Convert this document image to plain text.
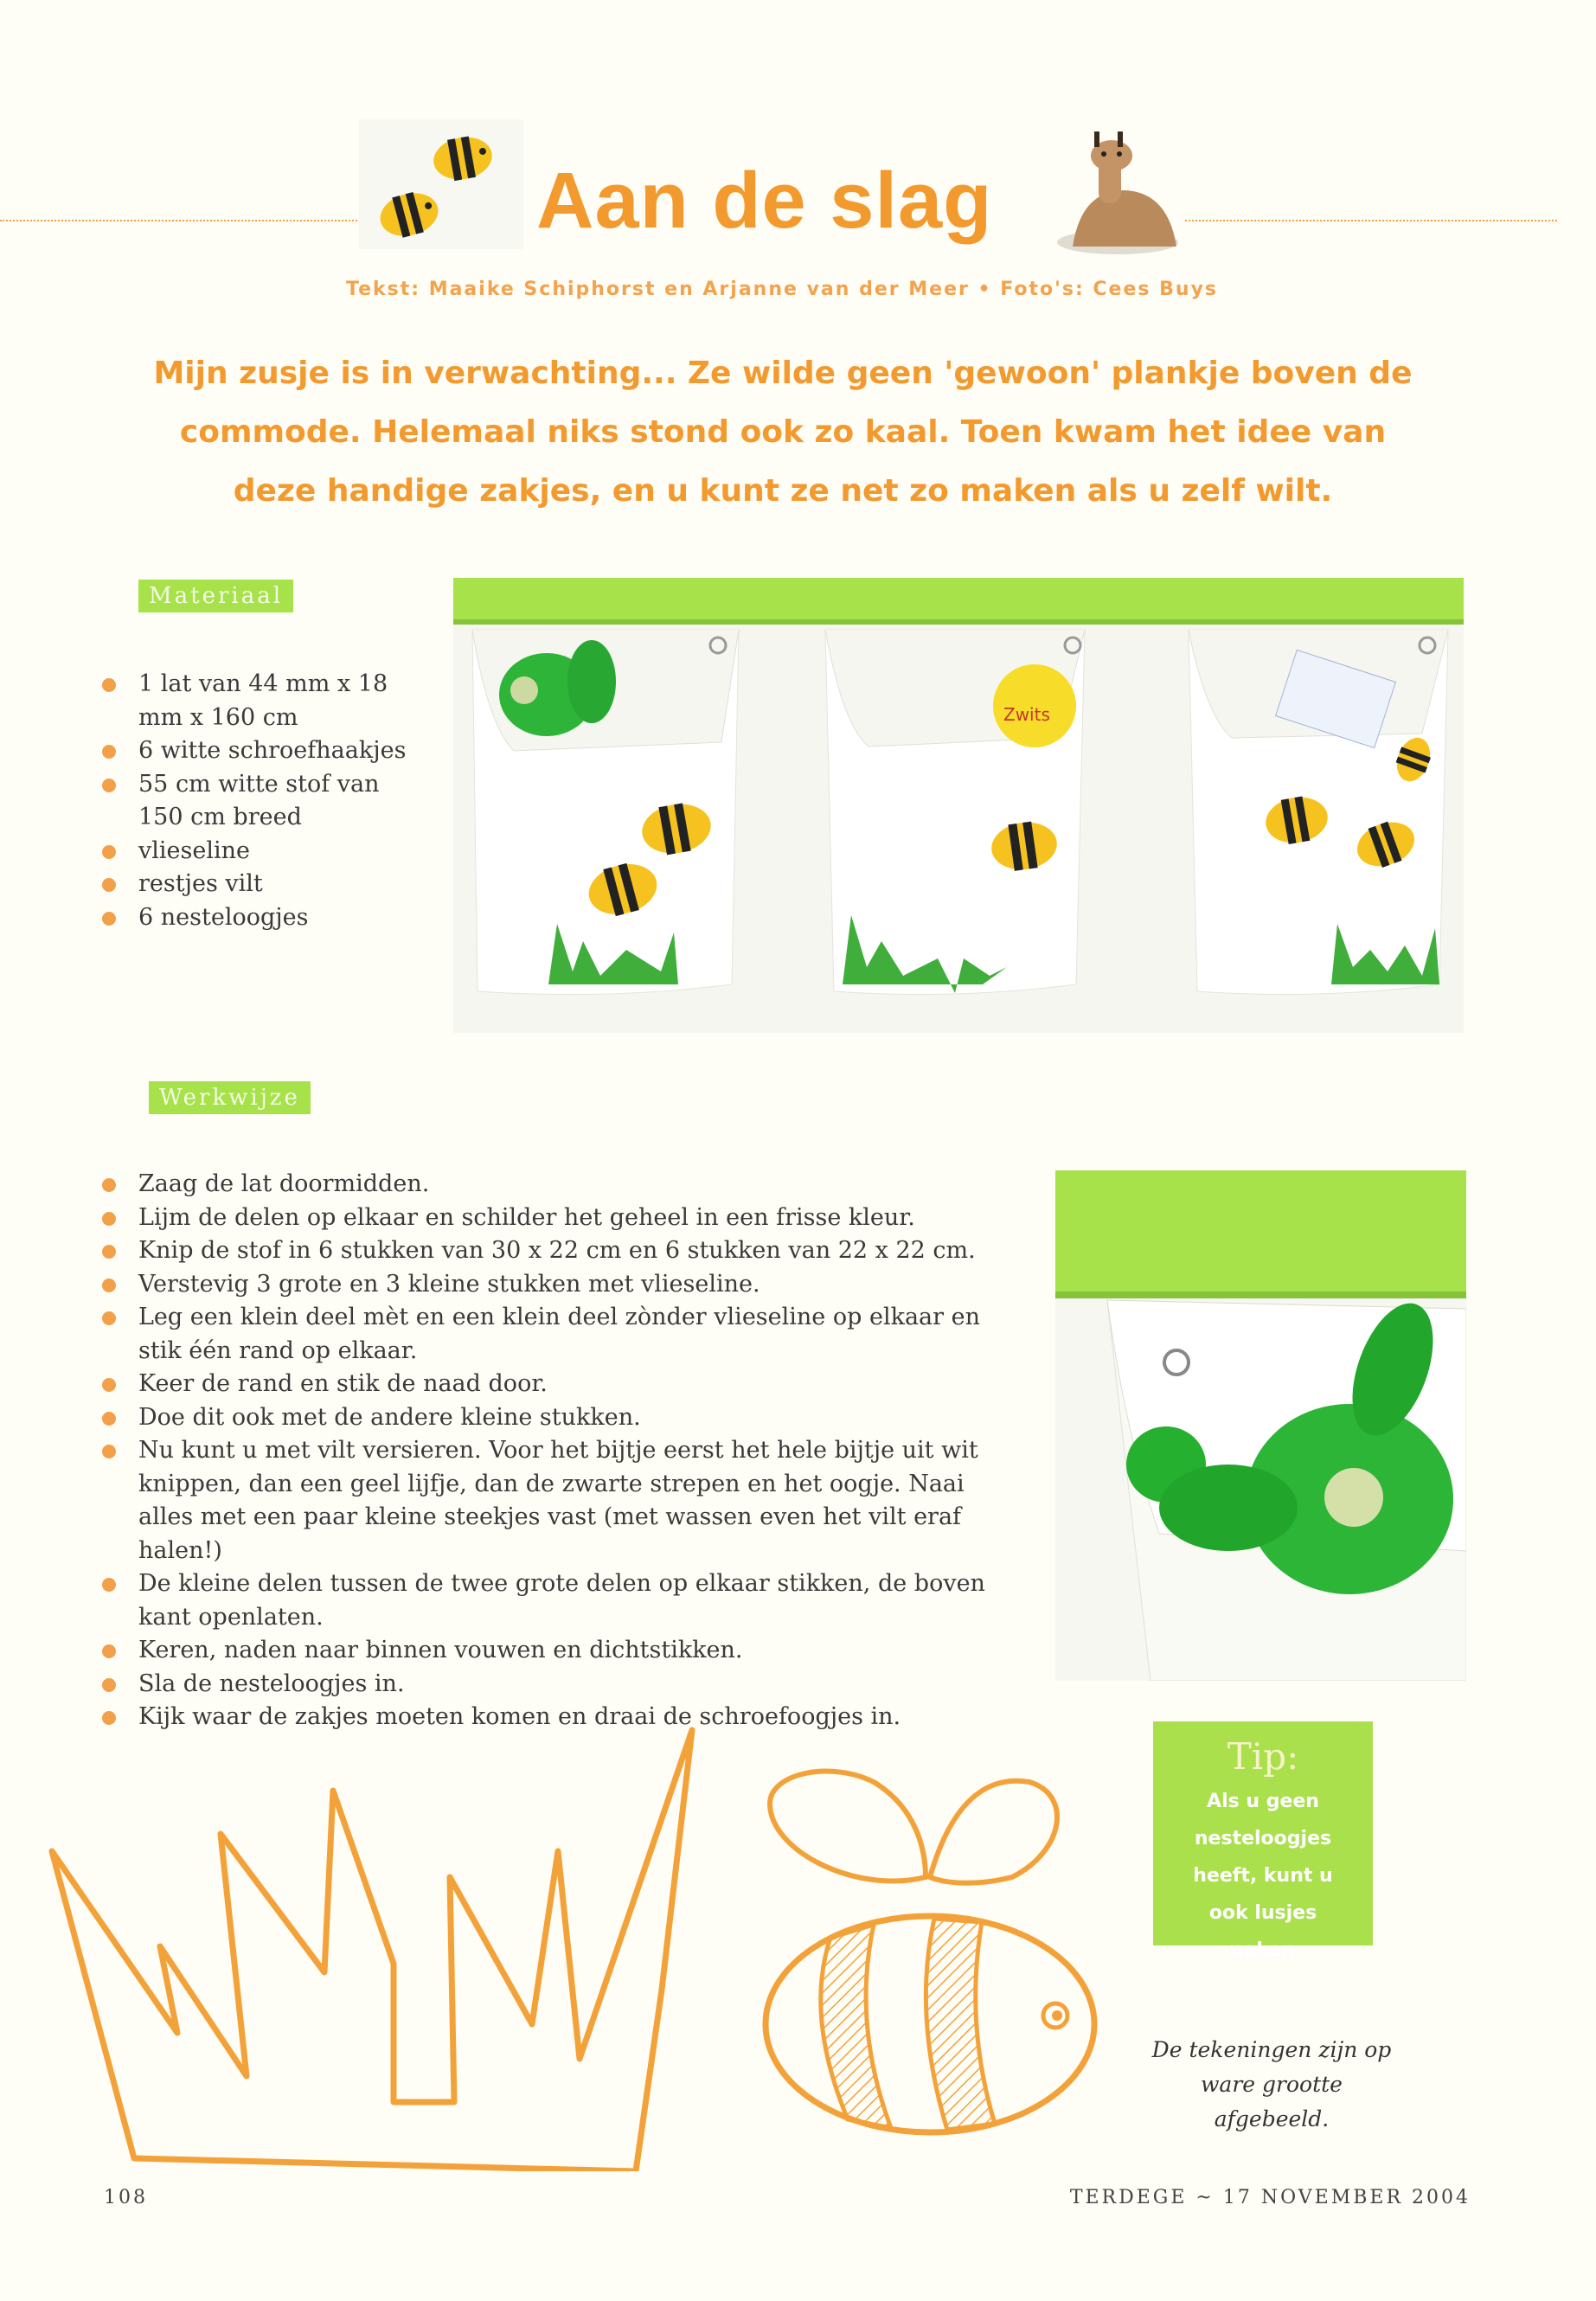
Aan de slag
Tekst: Maaike Schiphorst en Arjanne van der Meer • Foto's: Cees Buys
Mijn zusje is in verwachting... Ze wilde geen 'gewoon' plankje boven de commode. Helemaal niks stond ook zo kaal. Toen kwam het idee van deze handige zakjes, en u kunt ze net zo maken als u zelf wilt.
Materiaal
1 lat van 44 mm x 18 mm x 160 cm
6 witte schroefhaakjes
55 cm witte stof van 150 cm breed
vlieseline
restjes vilt
6 nesteloogjes
Zwits
Werkwijze
Zaag de lat doormidden.
Lijm de delen op elkaar en schilder het geheel in een frisse kleur.
Knip de stof in 6 stukken van 30 x 22 cm en 6 stukken van 22 x 22 cm.
Verstevig 3 grote en 3 kleine stukken met vlieseline.
Leg een klein deel mèt en een klein deel zònder vlieseline op elkaar en stik één rand op elkaar.
Keer de rand en stik de naad door.
Doe dit ook met de andere kleine stukken.
Nu kunt u met vilt versieren. Voor het bijtje eerst het hele bijtje uit wit knippen, dan een geel lijfje, dan de zwarte strepen en het oogje. Naai alles met een paar kleine steekjes vast (met wassen even het vilt eraf halen!)
De kleine delen tussen de twee grote delen op elkaar stikken, de boven kant openlaten.
Keren, naden naar binnen vouwen en dichtstikken.
Sla de nesteloogjes in.
Kijk waar de zakjes moeten komen en draai de schroefoogjes in.
Tip:
Als u geen nesteloogjes heeft, kunt u ook lusjes maken.
De tekeningen zijn op ware grootte afgebeeld.
108	TERDEGE ~ 17 NOVEMBER 2004
